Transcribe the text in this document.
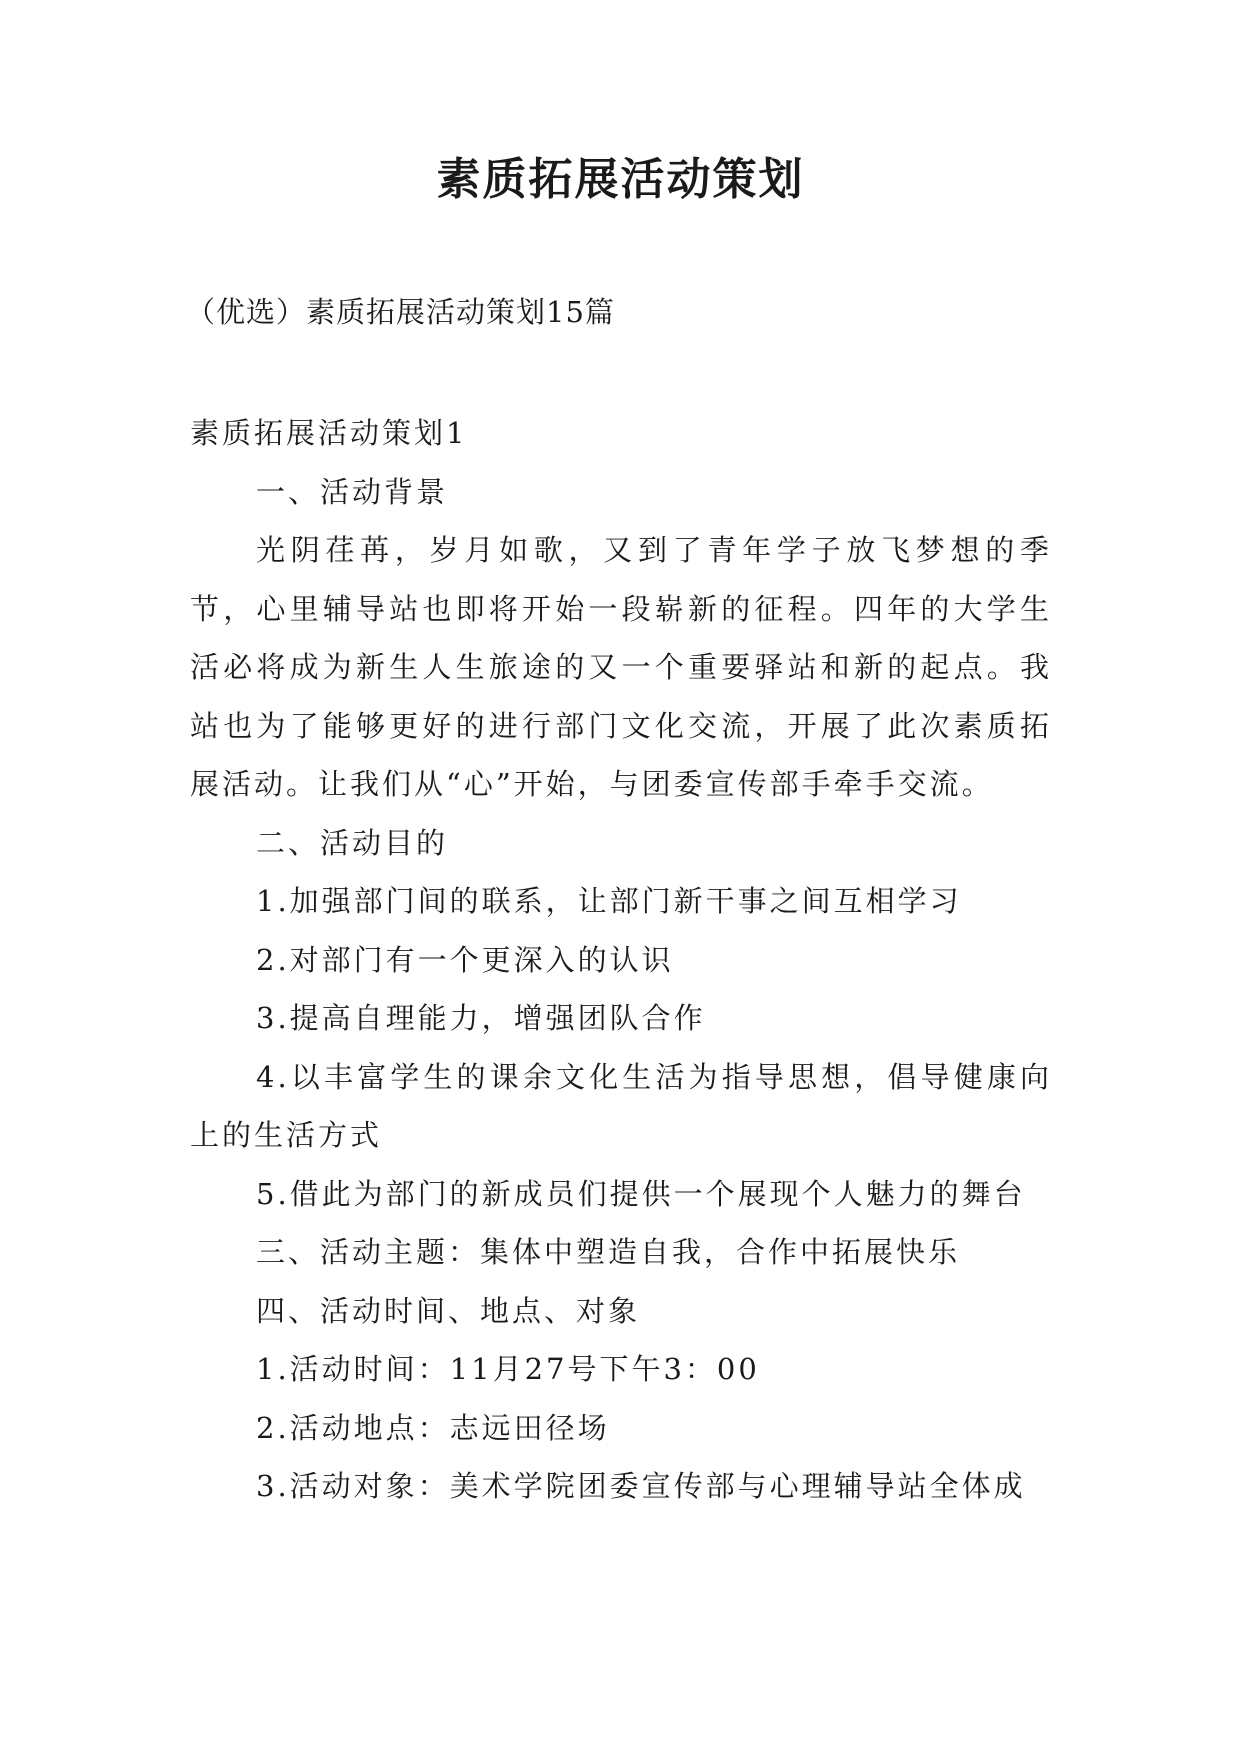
素质拓展活动策划
（优选）素质拓展活动策划15篇

素质拓展活动策划1

一、活动背景

光阴荏苒，岁月如歌，又到了青年学子放飞梦想的季节，心里辅导站也即将开始一段崭新的征程。四年的大学生活必将成为新生人生旅途的又一个重要驿站和新的起点。我站也为了能够更好的进行部门文化交流，开展了此次素质拓展活动。让我们从“心”开始，与团委宣传部手牵手交流。

二、活动目的

1.加强部门间的联系，让部门新干事之间互相学习

2.对部门有一个更深入的认识

3.提高自理能力，增强团队合作

4.以丰富学生的课余文化生活为指导思想，倡导健康向上的生活方式

5.借此为部门的新成员们提供一个展现个人魅力的舞台

三、活动主题：集体中塑造自我，合作中拓展快乐

四、活动时间、地点、对象

1.活动时间：11月27号下午3：00

2.活动地点：志远田径场

3.活动对象：美术学院团委宣传部与心理辅导站全体成
